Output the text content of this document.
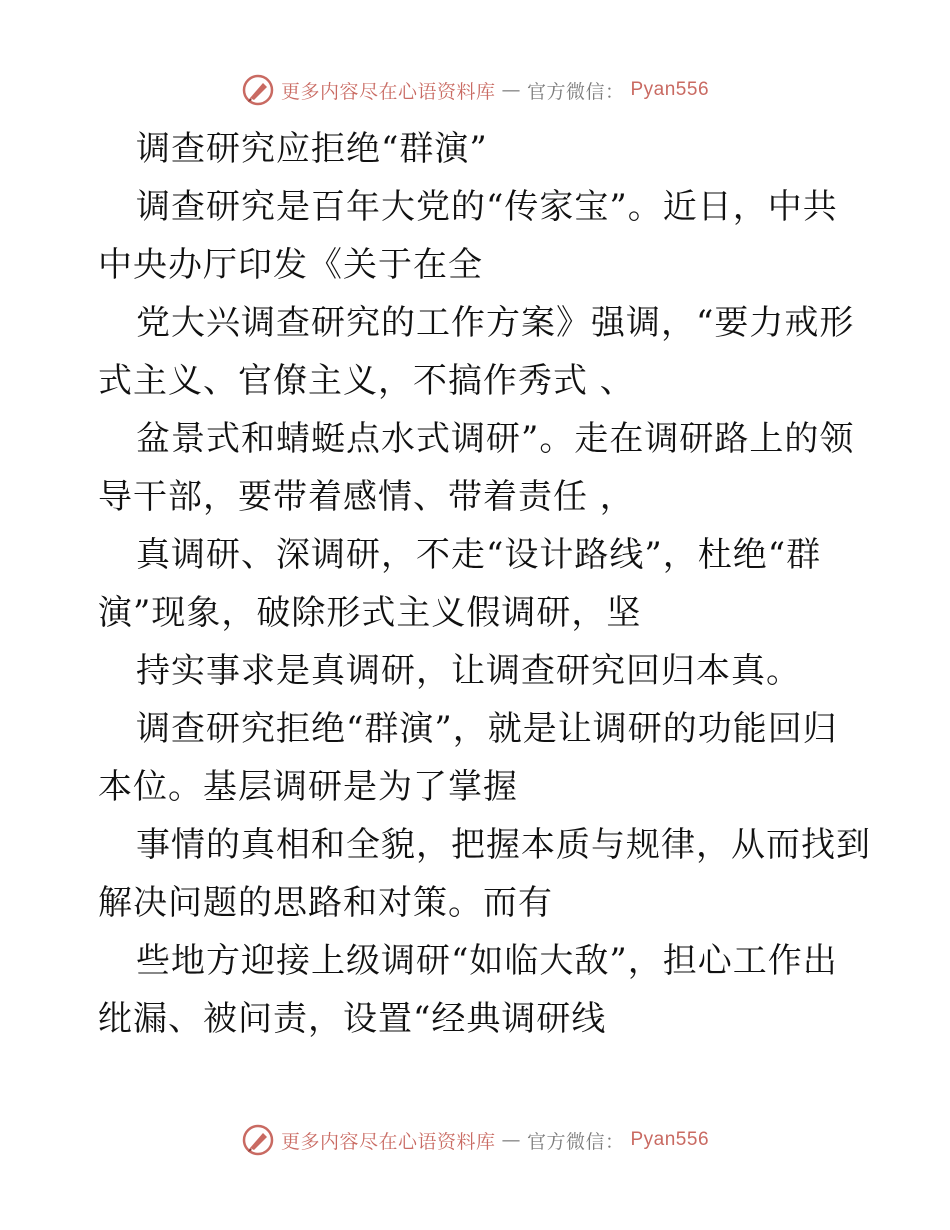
更多内容尽在心语资料库 — 官方微信： Pyan556
调查研究应拒绝“群演”
调查研究是百年大党的“传家宝”。近日，中共
中央办厅印发《关于在全
党大兴调查研究的工作方案》强调，“要力戒形
式主义、官僚主义，不搞作秀式 、
盆景式和蜻蜓点水式调研”。走在调研路上的领
导干部，要带着感情、带着责任 ，
真调研、深调研，不走“设计路线”，杜绝“群
演”现象，破除形式主义假调研，坚
持实事求是真调研，让调查研究回归本真。
调查研究拒绝“群演”，就是让调研的功能回归
本位。基层调研是为了掌握
事情的真相和全貌，把握本质与规律，从而找到
解决问题的思路和对策。而有
些地方迎接上级调研“如临大敌”，担心工作出
纰漏、被问责，设置“经典调研线
更多内容尽在心语资料库 — 官方微信： Pyan556
